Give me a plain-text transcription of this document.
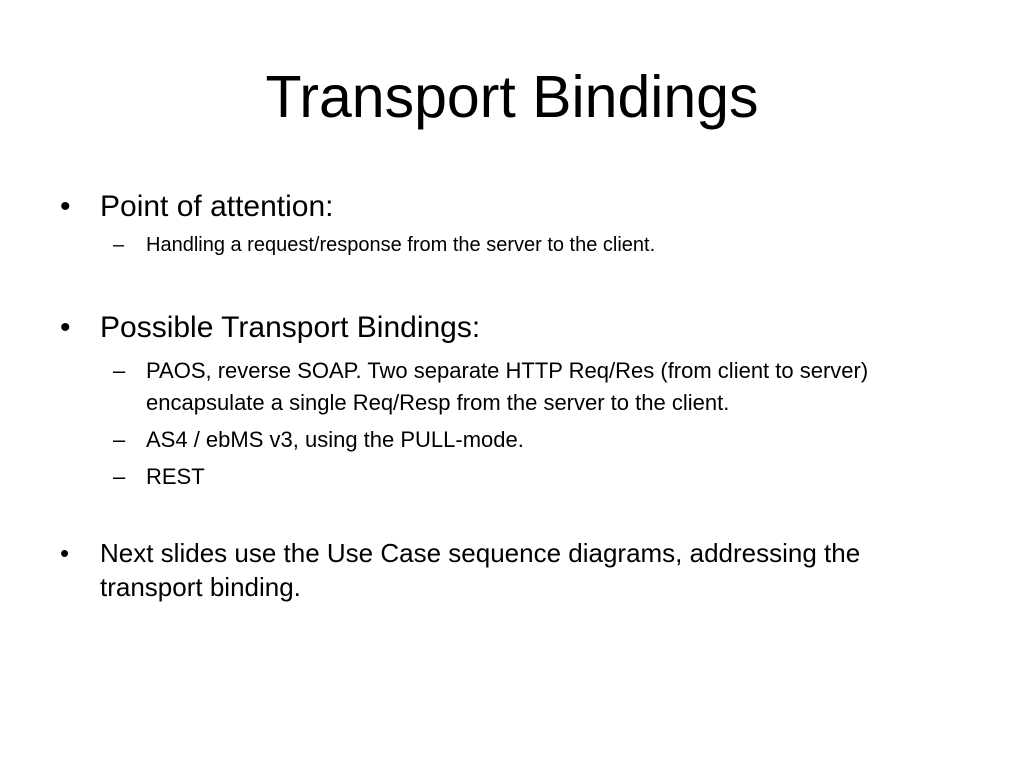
Transport Bindings
• Point of attention:
– Handling a request/response from the server to the client.
• Possible Transport Bindings:
– PAOS, reverse SOAP. Two separate HTTP Req/Res (from client to server) encapsulate a single Req/Resp from the server to the client.
– AS4 / ebMS v3, using the PULL-mode.
– REST
•	Next slides use the Use Case sequence diagrams, addressing the transport binding.
